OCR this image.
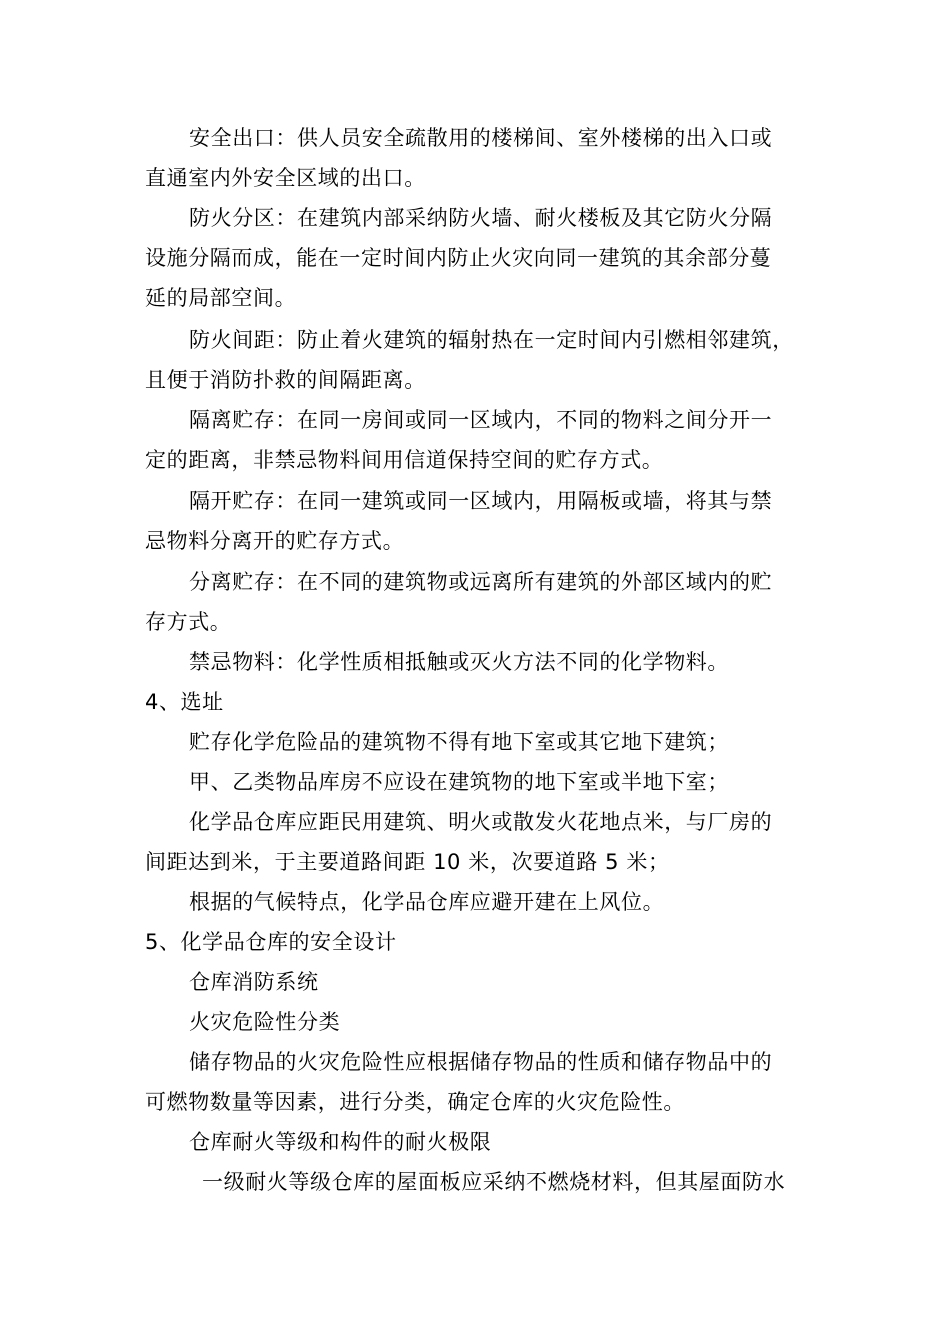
安全出口：供人员安全疏散用的楼梯间、室外楼梯的出入口或
直通室内外安全区域的出口。
防火分区：在建筑内部采纳防火墙、耐火楼板及其它防火分隔
设施分隔而成，能在一定时间内防止火灾向同一建筑的其余部分蔓
延的局部空间。
防火间距：防止着火建筑的辐射热在一定时间内引燃相邻建筑，
且便于消防扑救的间隔距离。
隔离贮存：在同一房间或同一区域内，不同的物料之间分开一
定的距离，非禁忌物料间用信道保持空间的贮存方式。
隔开贮存：在同一建筑或同一区域内，用隔板或墙，将其与禁
忌物料分离开的贮存方式。
分离贮存：在不同的建筑物或远离所有建筑的外部区域内的贮
存方式。
禁忌物料：化学性质相抵触或灭火方法不同的化学物料。
4、选址
贮存化学危险品的建筑物不得有地下室或其它地下建筑；
甲、乙类物品库房不应设在建筑物的地下室或半地下室；
化学品仓库应距民用建筑、明火或散发火花地点米，与厂房的
间距达到米，于主要道路间距 10 米，次要道路 5 米；
根据的气候特点，化学品仓库应避开建在上风位。
5、化学品仓库的安全设计
仓库消防系统
火灾危险性分类
储存物品的火灾危险性应根据储存物品的性质和储存物品中的
可燃物数量等因素，进行分类，确定仓库的火灾危险性。
仓库耐火等级和构件的耐火极限
一级耐火等级仓库的屋面板应采纳不燃烧材料，但其屋面防水
